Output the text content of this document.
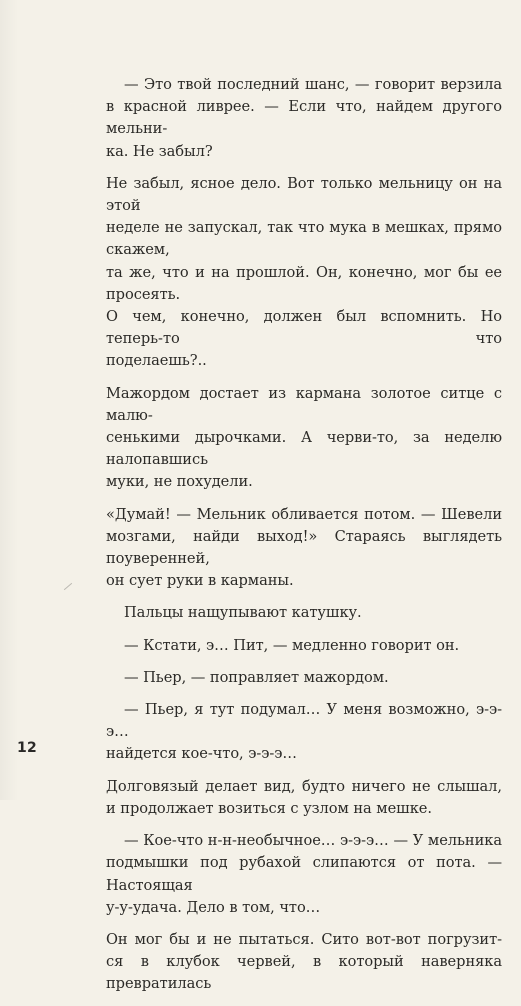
— Это твой последний шанс, — говорит верзила
в красной ливрее. — Если что, найдем другого мельни-
ка. Не забыл?

Не забыл, ясное дело. Вот только мельницу он на этой
неделе не запускал, так что мука в мешках, прямо скажем,
та же, что и на прошлой. Он, конечно, мог бы ее просеять.
О чем, конечно, должен был вспомнить. Но теперь-то что
поделаешь?..

Мажордом достает из кармана золотое ситце с малю-
сенькими дырочками. А черви-то, за неделю налопавшись
муки, не похудели.

«Думай! — Мельник обливается потом. — Шевели
мозгами, найди выход!» Стараясь выглядеть поувереннeй,
он сует руки в карманы.

Пальцы нащупывают катушку.

— Кстати, э… Пит, — медленно говорит он.

— Пьер, — поправляет мажордом.

— Пьер, я тут подумал… У меня возможно, э-э-э…
найдется кое-что, э-э-э…

Долговязый делает вид, будто ничего не слышал,
и продолжает возиться с узлом на мешке.

— Кое-что н-н-необычное… э-э-э… — У мельника
подмышки под рубахой слипаются от пота. — Настоящая
у-у-удача. Дело в том, что…

Он мог бы и не пытаться. Сито вот-вот погрузит-
ся в клубок червей, в который наверняка превратилась

12
